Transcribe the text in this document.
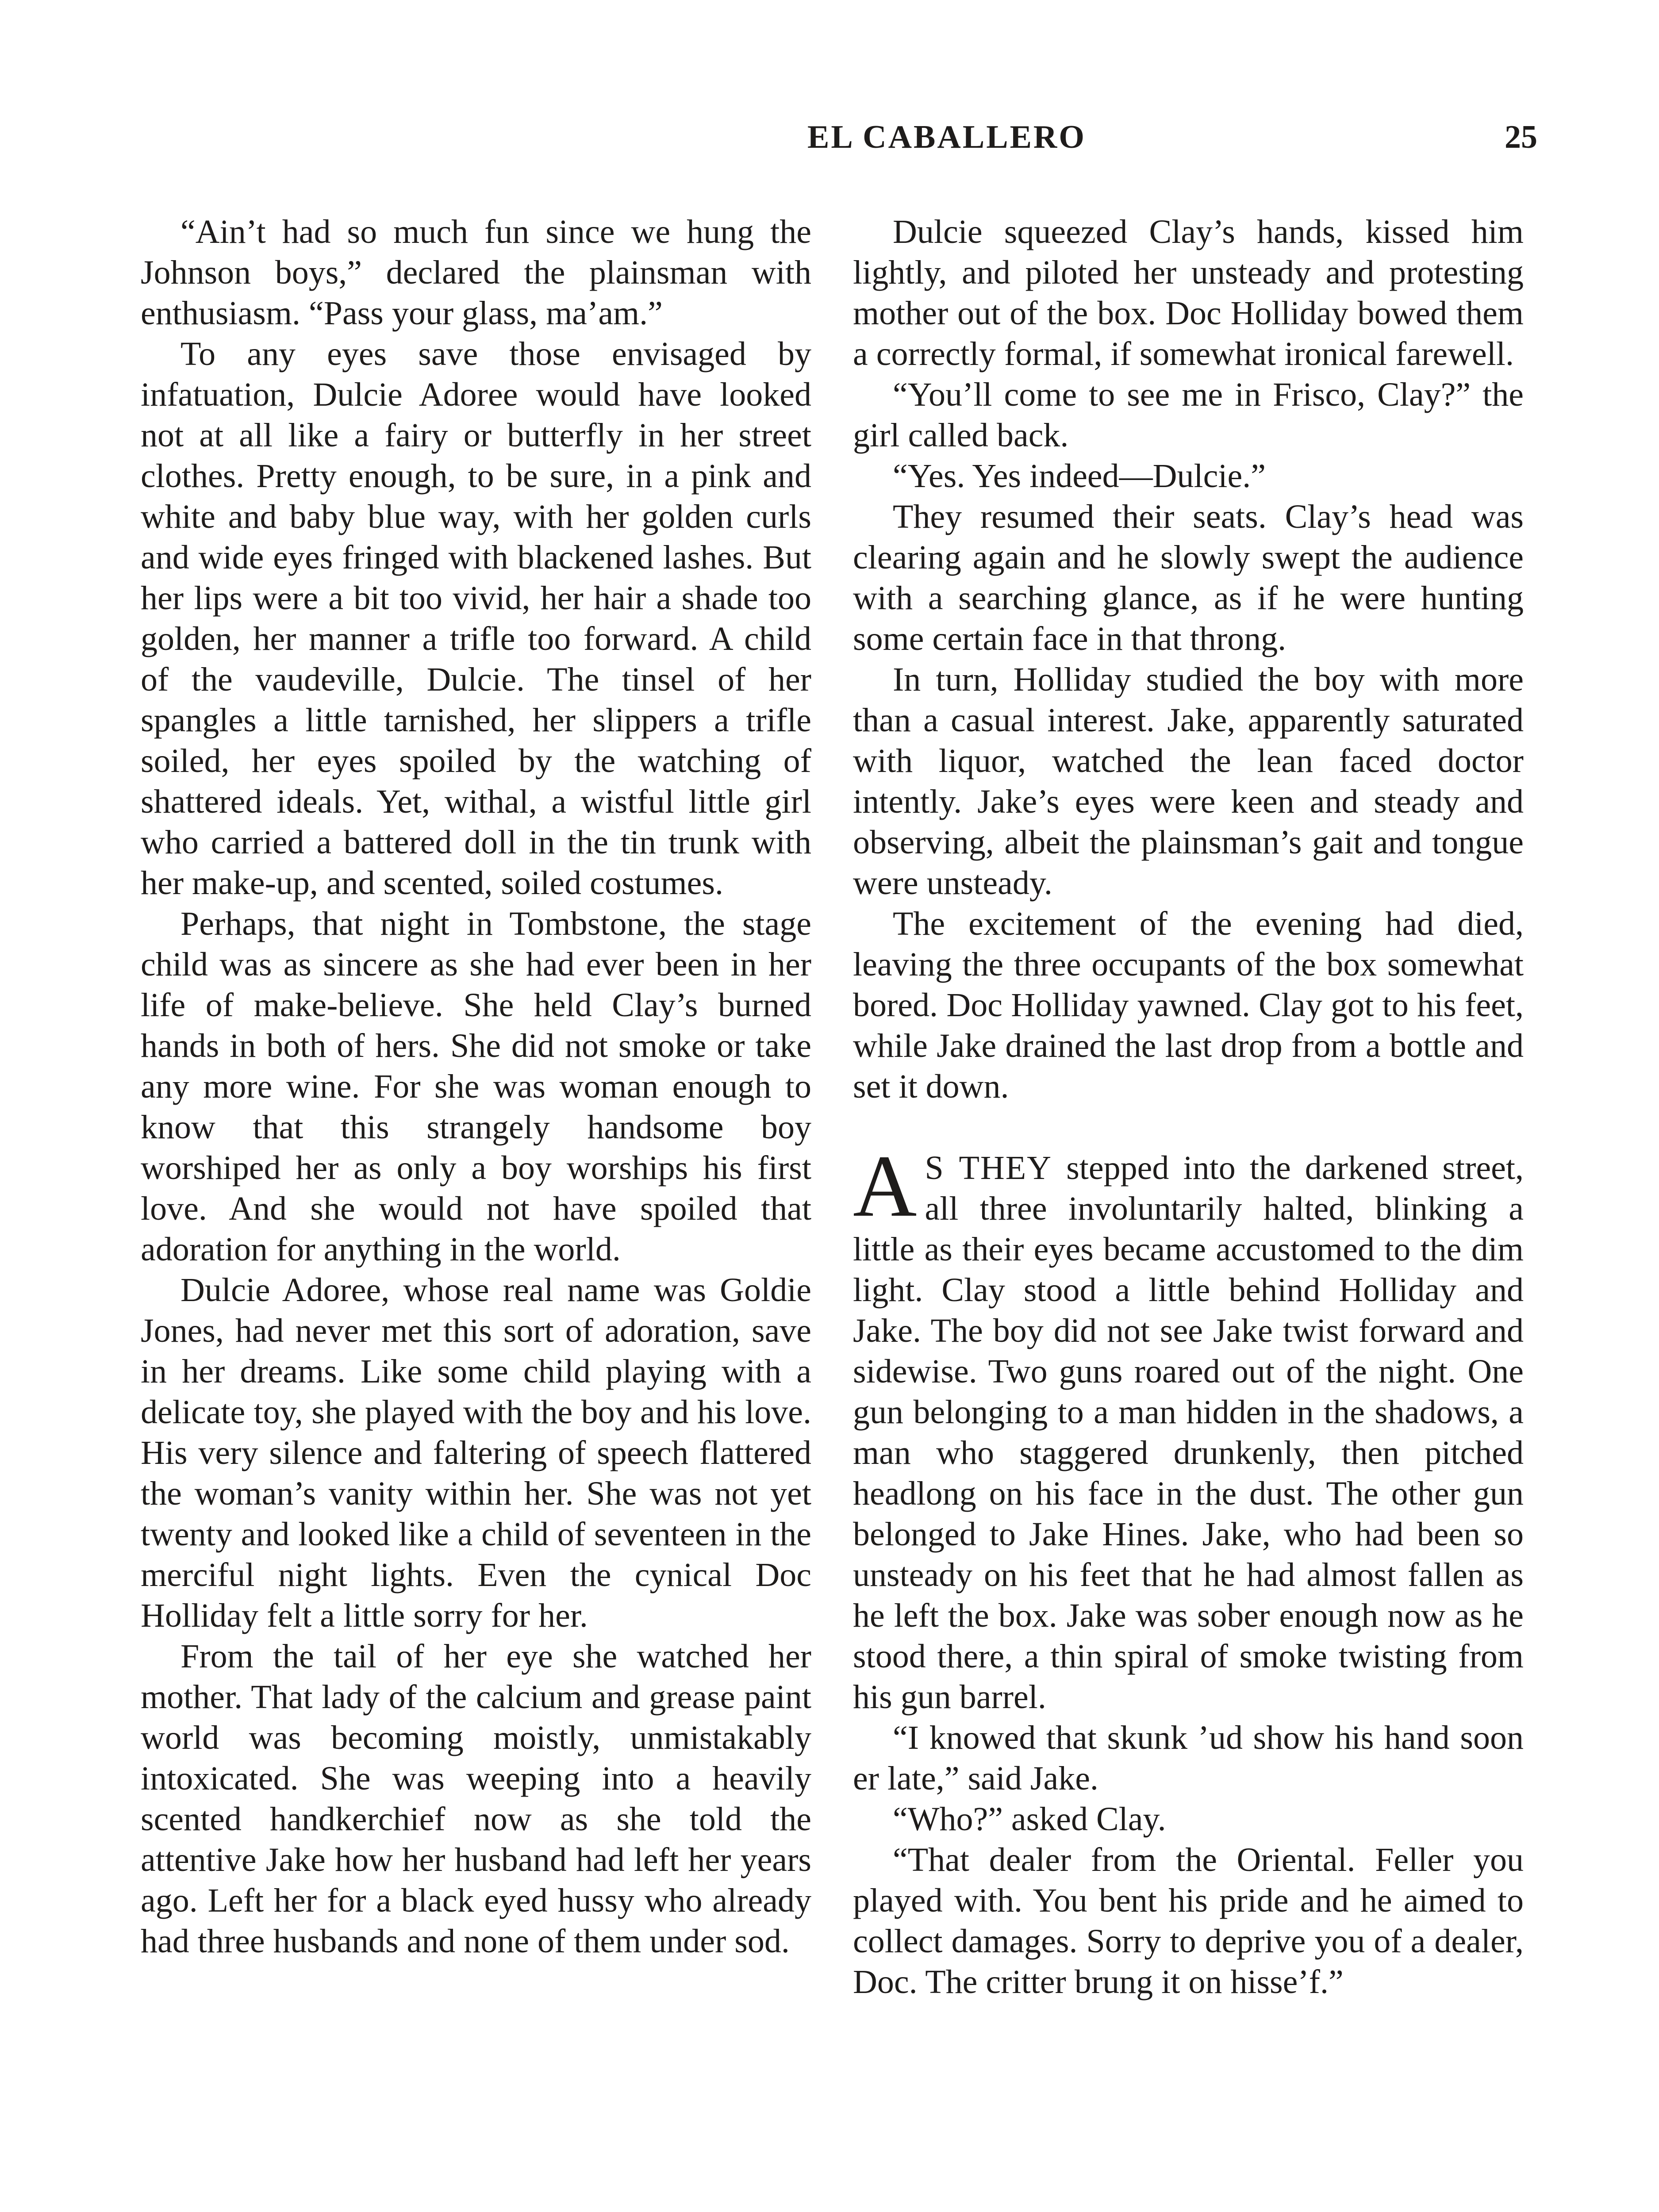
EL CABALLERO	25

“Ain’t had so much fun since we hung the Johnson boys,” declared the plainsman with enthusiasm. “Pass your glass, ma’am.”

To any eyes save those envisaged by infatuation, Dulcie Adoree would have looked not at all like a fairy or butterfly in her street clothes. Pretty enough, to be sure, in a pink and white and baby blue way, with her golden curls and wide eyes fringed with blackened lashes. But her lips were a bit too vivid, her hair a shade too golden, her manner a trifle too forward. A child of the vaudeville, Dulcie. The tinsel of her spangles a little tarnished, her slippers a trifle soiled, her eyes spoiled by the watching of shattered ideals. Yet, withal, a wistful little girl who carried a battered doll in the tin trunk with her make-up, and scented, soiled costumes.

Perhaps, that night in Tombstone, the stage child was as sincere as she had ever been in her life of make-believe. She held Clay’s burned hands in both of hers. She did not smoke or take any more wine. For she was woman enough to know that this strangely handsome boy worshiped her as only a boy worships his first love. And she would not have spoiled that adoration for anything in the world.

Dulcie Adoree, whose real name was Goldie Jones, had never met this sort of adoration, save in her dreams. Like some child playing with a delicate toy, she played with the boy and his love. His very silence and faltering of speech flattered the woman’s vanity within her. She was not yet twenty and looked like a child of seventeen in the merciful night lights. Even the cynical Doc Holliday felt a little sorry for her.

From the tail of her eye she watched her mother. That lady of the calcium and grease paint world was becoming moistly, unmistakably intoxicated. She was weeping into a heavily scented handkerchief now as she told the attentive Jake how her husband had left her years ago. Left her for a black eyed hussy who already had three husbands and none of them under sod.

Dulcie squeezed Clay’s hands, kissed him lightly, and piloted her unsteady and protesting mother out of the box. Doc Holliday bowed them a correctly formal, if somewhat ironical farewell.

“You’ll come to see me in Frisco, Clay?” the girl called back.

“Yes. Yes indeed—Dulcie.”

They resumed their seats. Clay’s head was clearing again and he slowly swept the audience with a searching glance, as if he were hunting some certain face in that throng.

In turn, Holliday studied the boy with more than a casual interest. Jake, apparently saturated with liquor, watched the lean faced doctor intently. Jake’s eyes were keen and steady and observing, albeit the plainsman’s gait and tongue were unsteady.

The excitement of the evening had died, leaving the three occupants of the box somewhat bored. Doc Holliday yawned. Clay got to his feet, while Jake drained the last drop from a bottle and set it down.

A S THEY stepped into the darkened street, all three involuntarily halted, blinking a little as their eyes became accustomed to the dim light. Clay stood a little behind Holliday and Jake. The boy did not see Jake twist forward and sidewise. Two guns roared out of the night. One gun belonging to a man hidden in the shadows, a man who staggered drunkenly, then pitched headlong on his face in the dust. The other gun belonged to Jake Hines. Jake, who had been so unsteady on his feet that he had almost fallen as he left the box. Jake was sober enough now as he stood there, a thin spiral of smoke twisting from his gun barrel.

“I knowed that skunk ’ud show his hand soon er late,” said Jake.

“Who?” asked Clay.

“That dealer from the Oriental. Feller you played with. You bent his pride and he aimed to collect damages. Sorry to deprive you of a dealer, Doc. The critter brung it on hisse’f.”
